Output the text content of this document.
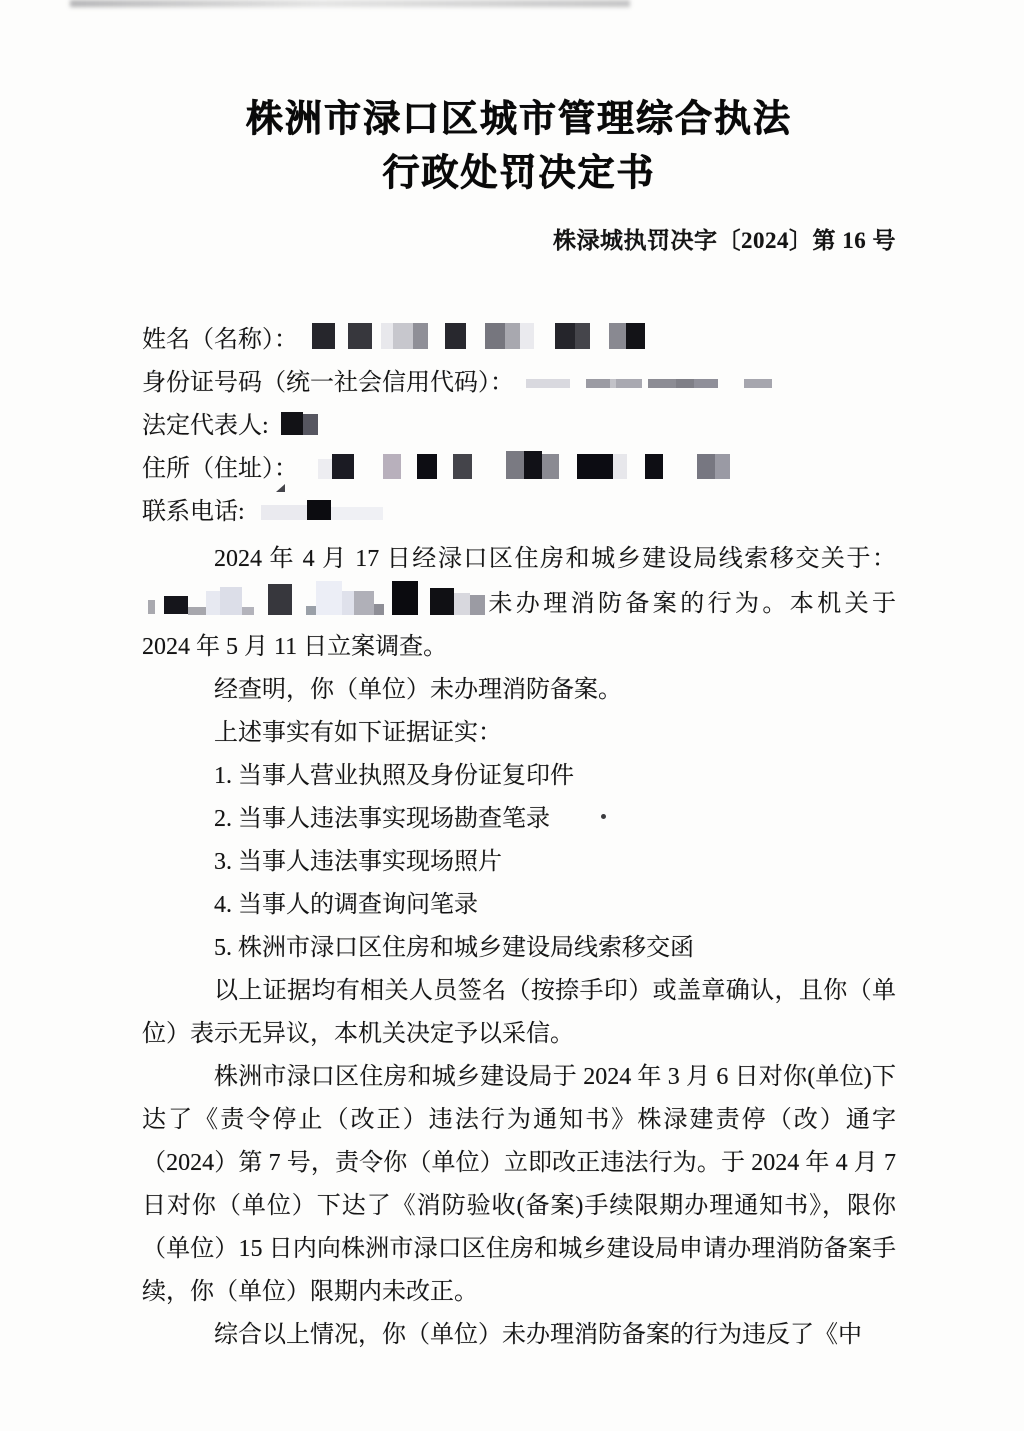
株洲市渌口区城市管理综合执法
行政处罚决定书
株渌城执罚决字〔2024〕第 16 号
姓名（名称）：
身份证号码（统一社会信用代码）：
法定代表人:
住所（住址）：
联系电话:

2024 年 4 月 17 日经渌口区住房和城乡建设局线索移交关于：
未办理消防备案的行为。本机关于 2024 年 5 月 11 日立案调查。

经查明，你（单位）未办理消防备案。

上述事实有如下证据证实：

1. 当事人营业执照及身份证复印件

2. 当事人违法事实现场勘查笔录

3. 当事人违法事实现场照片

4. 当事人的调查询问笔录

5. 株洲市渌口区住房和城乡建设局线索移交函

以上证据均有相关人员签名（按捺手印）或盖章确认，且你（单位）表示无异议，本机关决定予以采信。

株洲市渌口区住房和城乡建设局于 2024 年 3 月 6 日对你(单位)下达了《责令停止（改正）违法行为通知书》株渌建责停（改）通字（2024）第 7 号，责令你（单位）立即改正违法行为。于 2024 年 4 月 7 日对你（单位）下达了《消防验收(备案)手续限期办理通知书》，限你（单位）15 日内向株洲市渌口区住房和城乡建设局申请办理消防备案手续，你（单位）限期内未改正。

综合以上情况，你（单位）未办理消防备案的行为违反了《中
